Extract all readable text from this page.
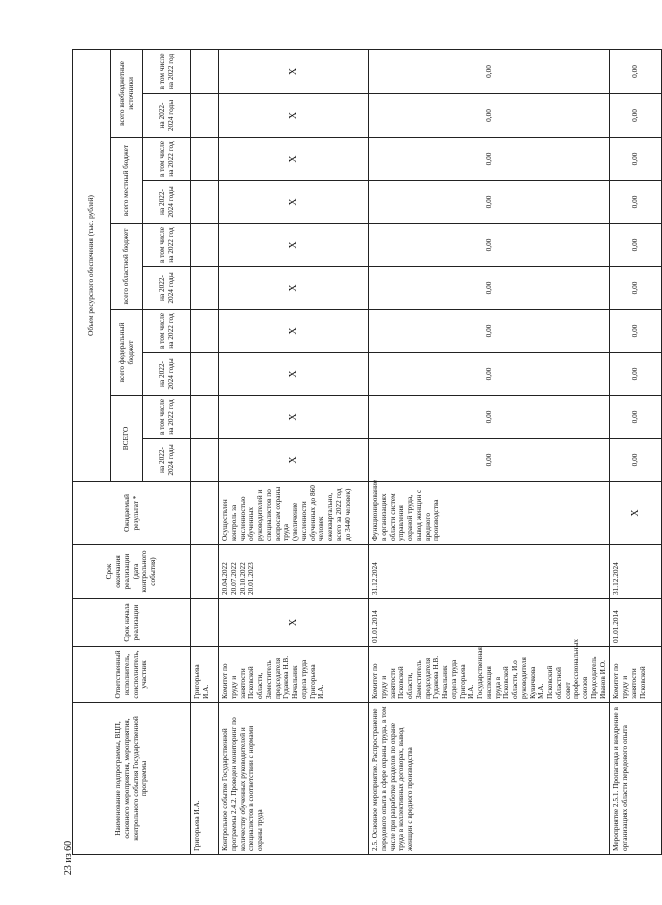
Наименование подпрограммы, ВЦП, основного мероприятия, мероприятия, контрольного события Государственной программы	Ответственный исполнитель, соисполнитель, участник	Срок начала реализации	Срок окончания реализации (дата контрольного события)	Ожидаемый результат *	Объем ресурсного обеспечения (тыс. рублей)									
					ВСЕГО		всего федеральный бюджет		всего областной бюджет		всего местный бюджет		всего внебюджетные источники	
					на 2022-2024 годы	в том числе на 2022 год	на 2022-2024 годы	в том числе на 2022 год	на 2022-2024 годы	в том числе на 2022 год	на 2022-2024 годы	в том числе на 2022 год	на 2022-2024 годы	в том числе на 2022 год
Григорьева И.А.	Григорьева И.А.													
Контрольное событие Государственной программы 2.4.2. Проведен мониторинг по количеству обученных руководителей и специалистов в соответствии с нормами охраны труда	Комитет по труду и занятости Псковской области, Заместитель председателя Гудакова Н.В. Начальник отдела труда Григорьева И.А.	X	20.04.2022 20.07.2022 20.10.2022 20.01.2023	Осуществлен контроль за численностью обученных руководителей и специалистов по вопросам охраны труда (увеличение численности обученных до 860 человек ежеквартально, всего за 2022 год до 3440 человек)	X	X	X	X	X	X	X	X	X	X
2.5. Основное мероприятие. Распространение передового опыта в сфере охраны труда, в том числе при разработке разделов по охране труда в коллективных договорах, вывод женщин с вредного производства	Комитет по труду и занятости Псковской области, Заместитель председателя Гудакова Н.В. Начальник отдела труда Григорьева И.А. Государственная инспекция труда в Псковской области, И.о руководителя Кувичкова М.А. Псковский областной совет профессиональных союзов Председатель Иванов И.О.	01.01.2014	31.12.2024	Функционирование в организациях области систем управления охраной труда, вывод женщин с вредного производства	0,00	0,00	0,00	0,00	0,00	0,00	0,00	0,00	0,00	0,00
Мероприятие 2.5.1. Пропаганда и внедрение в организациях области передового опыта	Комитет по труду и занятости Псковской	01.01.2014	31.12.2024	X	0,00	0,00	0,00	0,00	0,00	0,00	0,00	0,00	0,00	0,00
23 из 60
